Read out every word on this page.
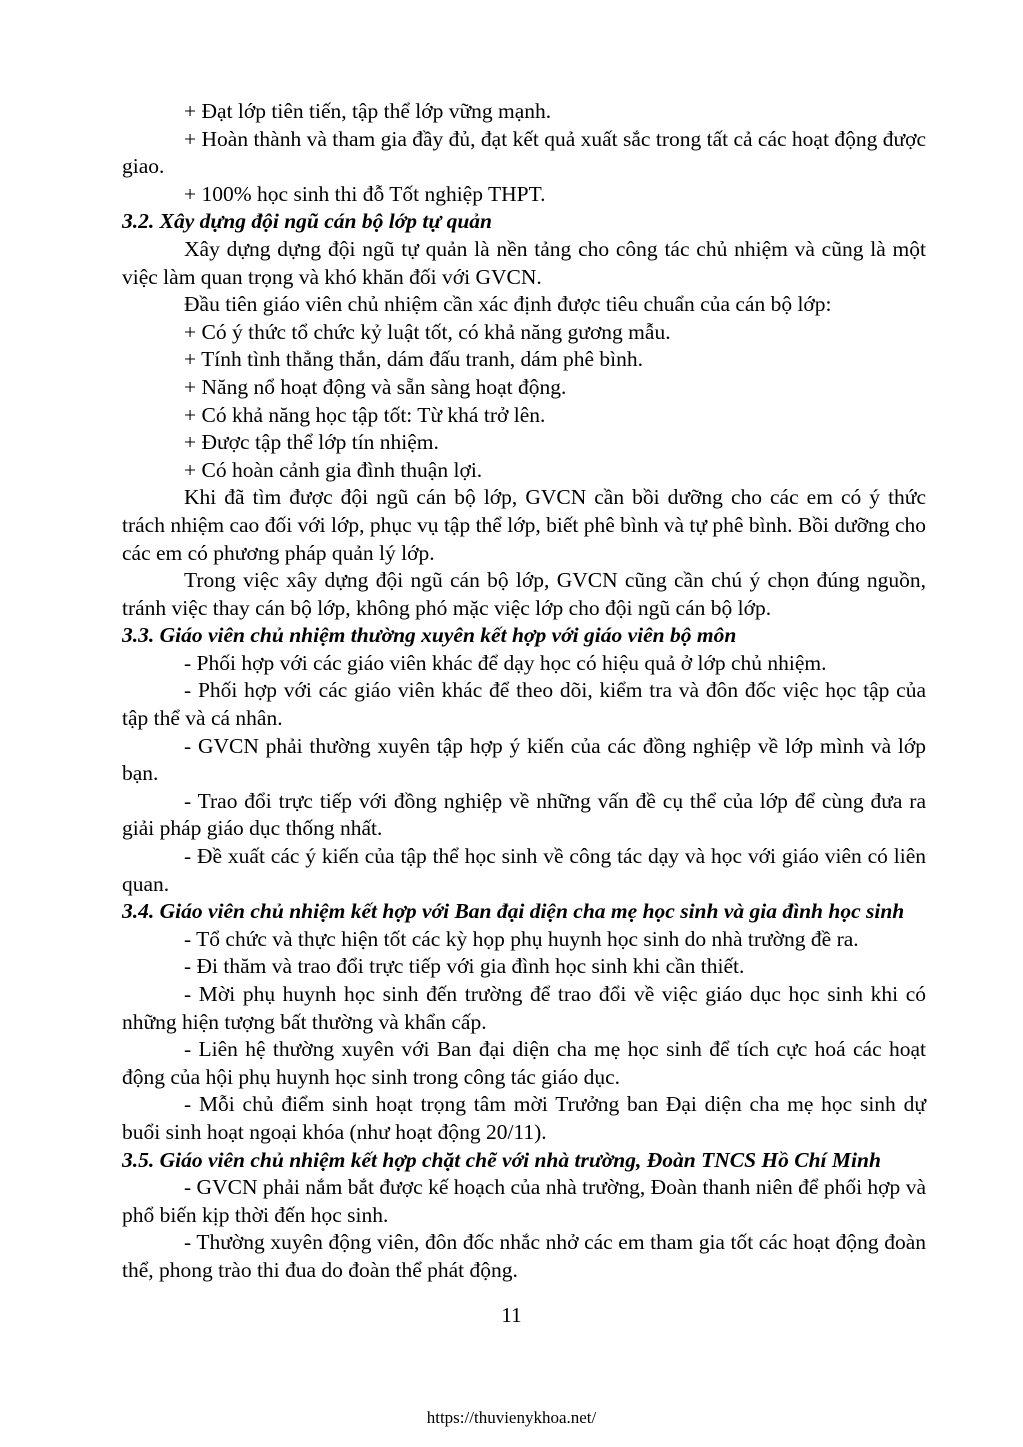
+ Đạt lớp tiên tiến, tập thể lớp vững mạnh.

+ Hoàn thành và tham gia đầy đủ, đạt kết quả xuất sắc trong tất cả các hoạt động được giao.

+ 100% học sinh thi đỗ Tốt nghiệp THPT.

3.2. Xây dựng đội ngũ cán bộ lớp tự quản

Xây dựng dựng đội ngũ tự quản là nền tảng cho công tác chủ nhiệm và cũng là một việc làm quan trọng và khó khăn đối với GVCN.

Đầu tiên giáo viên chủ nhiệm cần xác định được tiêu chuẩn của cán bộ lớp:

+ Có ý thức tổ chức kỷ luật tốt, có khả năng gương mẫu.

+ Tính tình thẳng thắn, dám đấu tranh, dám phê bình.

+ Năng nổ hoạt động và sẵn sàng hoạt động.

+ Có khả năng học tập tốt: Từ khá trở lên.

+ Được tập thể lớp tín nhiệm.

+ Có hoàn cảnh gia đình thuận lợi.

Khi đã tìm được đội ngũ cán bộ lớp, GVCN cần bồi dưỡng cho các em có ý thức trách nhiệm cao đối với lớp, phục vụ tập thể lớp, biết phê bình và tự phê bình. Bồi dưỡng cho các em có phương pháp quản lý lớp.

Trong việc xây dựng đội ngũ cán bộ lớp, GVCN cũng cần chú ý chọn đúng nguồn, tránh việc thay cán bộ lớp, không phó mặc việc lớp cho đội ngũ cán bộ lớp.

3.3. Giáo viên chủ nhiệm thường xuyên kết hợp với giáo viên bộ môn

- Phối hợp với các giáo viên khác để dạy học có hiệu quả ở lớp chủ nhiệm.

- Phối hợp với các giáo viên khác để theo dõi, kiểm tra và đôn đốc việc học tập của tập thể và cá nhân.

- GVCN phải thường xuyên tập hợp ý kiến của các đồng nghiệp về lớp mình và lớp bạn.

- Trao đổi trực tiếp với đồng nghiệp về những vấn đề cụ thể của lớp để cùng đưa ra giải pháp giáo dục thống nhất.

- Đề xuất các ý kiến của tập thể học sinh về công tác dạy và học với giáo viên có liên quan.

3.4. Giáo viên chủ nhiệm kết hợp với Ban đại diện cha mẹ học sinh và gia đình học sinh

- Tổ chức và thực hiện tốt các kỳ họp phụ huynh học sinh do nhà trường đề ra.

- Đi thăm và trao đổi trực tiếp với gia đình học sinh khi cần thiết.

- Mời phụ huynh học sinh đến trường để trao đổi về việc giáo dục học sinh khi có những hiện tượng bất thường và khẩn cấp.

- Liên hệ thường xuyên với Ban đại diện cha mẹ học sinh để tích cực hoá các hoạt động của hội phụ huynh học sinh trong công tác giáo dục.

- Mỗi chủ điểm sinh hoạt trọng tâm mời Trưởng ban Đại diện cha mẹ học sinh dự buổi sinh hoạt ngoại khóa (như hoạt động 20/11).

3.5. Giáo viên chủ nhiệm kết hợp chặt chẽ với nhà trường, Đoàn TNCS Hồ Chí Minh

- GVCN phải nắm bắt được kế hoạch của nhà trường, Đoàn thanh niên để phối hợp và phổ biến kịp thời đến học sinh.

- Thường xuyên động viên, đôn đốc nhắc nhở các em tham gia tốt các hoạt động đoàn thể, phong trào thi đua do đoàn thể phát động.

11
https://thuvienykhoa.net/
